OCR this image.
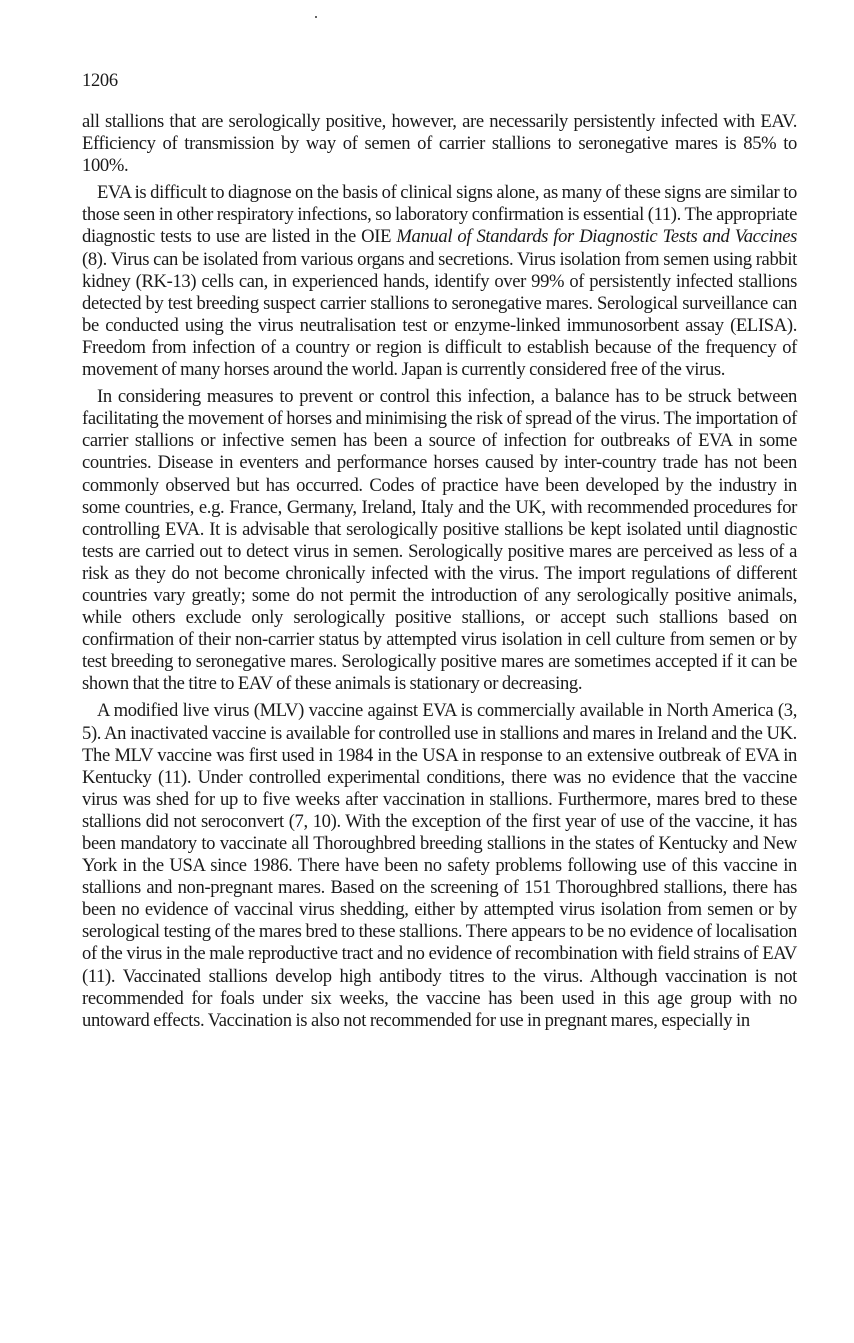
1206

all stallions that are serologically positive, however, are necessarily persistently infected with EAV. Efficiency of transmission by way of semen of carrier stallions to seronegative mares is 85% to 100%.

EVA is difficult to diagnose on the basis of clinical signs alone, as many of these signs are similar to those seen in other respiratory infections, so laboratory confirmation is essential (11). The appropriate diagnostic tests to use are listed in the OIE Manual of Standards for Diagnostic Tests and Vaccines (8). Virus can be isolated from various organs and secretions. Virus isolation from semen using rabbit kidney (RK-13) cells can, in experienced hands, identify over 99% of persistently infected stallions detected by test breeding suspect carrier stallions to seronegative mares. Serological surveillance can be conducted using the virus neutralisation test or enzyme-linked immunosorbent assay (ELISA). Freedom from infection of a country or region is difficult to establish because of the frequency of movement of many horses around the world. Japan is currently considered free of the virus.

In considering measures to prevent or control this infection, a balance has to be struck between facilitating the movement of horses and minimising the risk of spread of the virus. The importation of carrier stallions or infective semen has been a source of infection for outbreaks of EVA in some countries. Disease in eventers and performance horses caused by inter-country trade has not been commonly observed but has occurred. Codes of practice have been developed by the industry in some countries, e.g. France, Germany, Ireland, Italy and the UK, with recommended procedures for controlling EVA. It is advisable that serologically positive stallions be kept isolated until diagnostic tests are carried out to detect virus in semen. Serologically positive mares are perceived as less of a risk as they do not become chronically infected with the virus. The import regulations of different countries vary greatly; some do not permit the introduction of any serologically positive animals, while others exclude only serologically positive stallions, or accept such stallions based on confirmation of their non-carrier status by attempted virus isolation in cell culture from semen or by test breeding to seronegative mares. Serologically positive mares are sometimes accepted if it can be shown that the titre to EAV of these animals is stationary or decreasing.

A modified live virus (MLV) vaccine against EVA is commercially available in North America (3, 5). An inactivated vaccine is available for controlled use in stallions and mares in Ireland and the UK. The MLV vaccine was first used in 1984 in the USA in response to an extensive outbreak of EVA in Kentucky (11). Under controlled experimental conditions, there was no evidence that the vaccine virus was shed for up to five weeks after vaccination in stallions. Furthermore, mares bred to these stallions did not seroconvert (7, 10). With the exception of the first year of use of the vaccine, it has been mandatory to vaccinate all Thoroughbred breeding stallions in the states of Kentucky and New York in the USA since 1986. There have been no safety problems following use of this vaccine in stallions and non-pregnant mares. Based on the screening of 151 Thoroughbred stallions, there has been no evidence of vaccinal virus shedding, either by attempted virus isolation from semen or by serological testing of the mares bred to these stallions. There appears to be no evidence of localisation of the virus in the male reproductive tract and no evidence of recombination with field strains of EAV (11). Vaccinated stallions develop high antibody titres to the virus. Although vaccination is not recommended for foals under six weeks, the vaccine has been used in this age group with no untoward effects. Vaccination is also not recommended for use in pregnant mares, especially in
